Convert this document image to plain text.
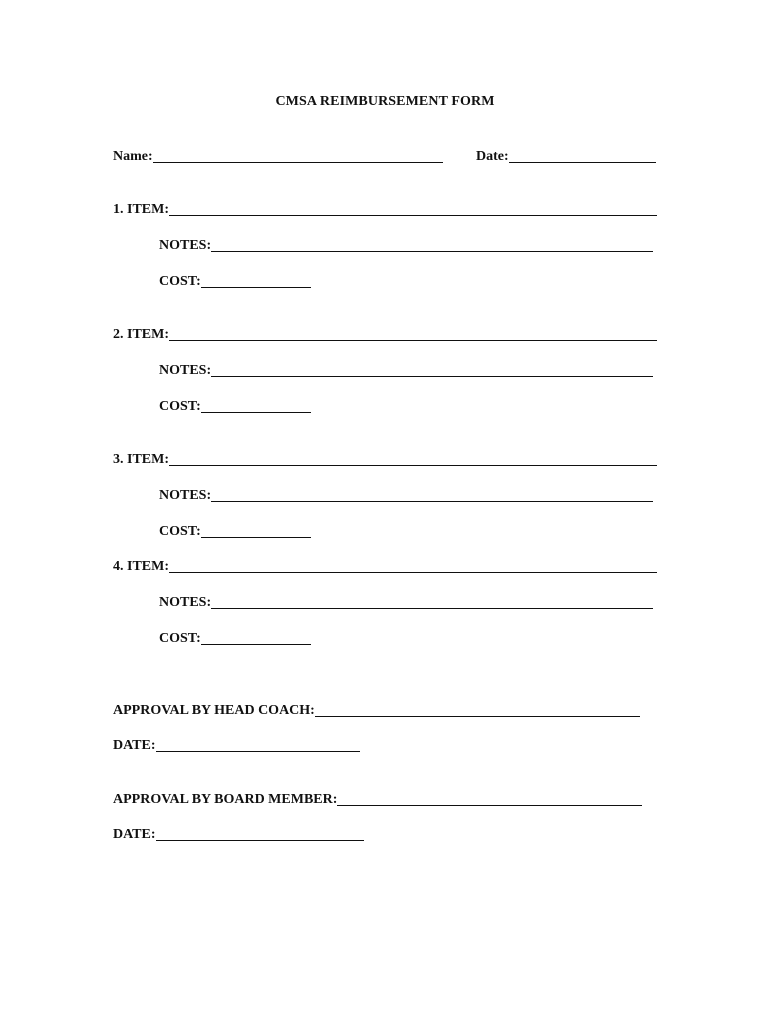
CMSA REIMBURSEMENT FORM
Name:	Date:
1. ITEM:
NOTES:
COST:
2. ITEM:
NOTES:
COST:
3. ITEM:
NOTES:
COST:
4. ITEM:
NOTES:
COST:
APPROVAL BY HEAD COACH:
DATE:
APPROVAL BY BOARD MEMBER:
DATE:
